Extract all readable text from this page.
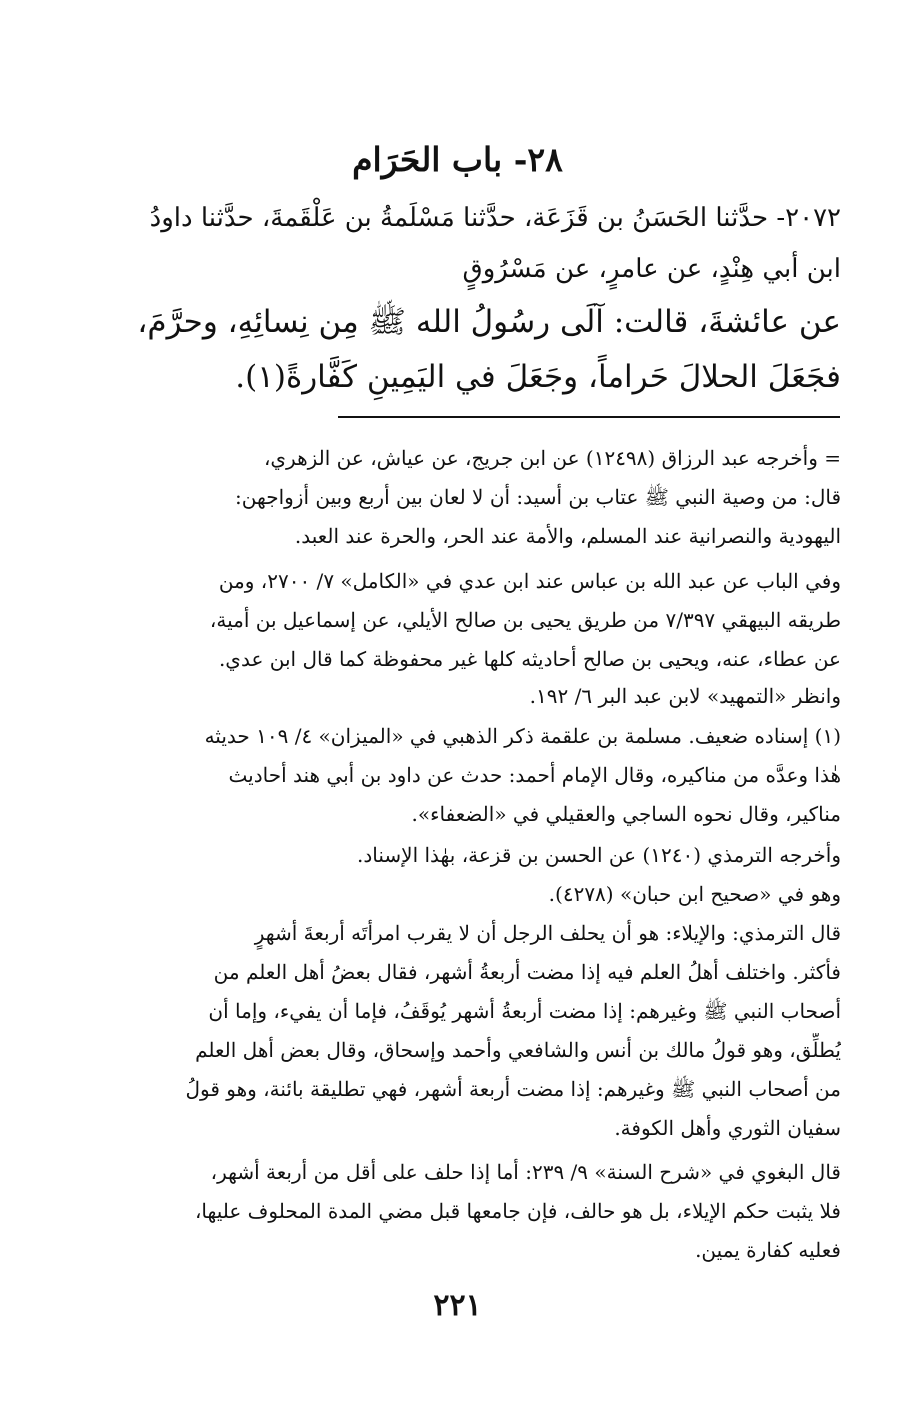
٢٨- باب الحَرَام
٢٠٧٢- حدَّثنا الحَسَنُ بن قَزَعَة، حدَّثنا مَسْلَمةُ بن عَلْقَمةَ، حدَّثنا داودُ
ابن أبي هِنْدٍ، عن عامرٍ، عن مَسْرُوقٍ
عن عائشةَ، قالت: آلَى رسُولُ الله ﷺ مِن نِسائِهِ، وحرَّمَ،
فجَعَلَ الحلالَ حَراماً، وجَعَلَ في اليَمِينِ كَفَّارةً(١).
= وأخرجه عبد الرزاق (١٢٤٩٨) عن ابن جريج، عن عياش، عن الزهري،
قال: من وصية النبي ﷺ عتاب بن أسيد: أن لا لعان بين أربع وبين أزواجهن:
اليهودية والنصرانية عند المسلم، والأمة عند الحر، والحرة عند العبد.
وفي الباب عن عبد الله بن عباس عند ابن عدي في «الكامل» ٧/ ٢٧٠٠، ومن
طريقه البيهقي ٧/٣٩٧ من طريق يحيى بن صالح الأيلي، عن إسماعيل بن أمية،
عن عطاء، عنه، ويحيى بن صالح أحاديثه كلها غير محفوظة كما قال ابن عدي.
وانظر «التمهيد» لابن عبد البر ٦/ ١٩٢.
(١) إسناده ضعيف. مسلمة بن علقمة ذكر الذهبي في «الميزان» ٤/ ١٠٩ حديثه
هٰذا وعدَّه من مناكيره، وقال الإمام أحمد: حدث عن داود بن أبي هند أحاديث
مناكير، وقال نحوه الساجي والعقيلي في «الضعفاء».
وأخرجه الترمذي (١٢٤٠) عن الحسن بن قزعة، بهٰذا الإسناد.
وهو في «صحيح ابن حبان» (٤٢٧٨).
قال الترمذي: والإيلاء: هو أن يحلف الرجل أن لا يقرب امرأتَه أربعةَ أشهرٍ
فأكثر. واختلف أهلُ العلم فيه إذا مضت أربعةُ أشهر، فقال بعضُ أهل العلم من
أصحاب النبي ﷺ وغيرهم: إذا مضت أربعةُ أشهر يُوقَفُ، فإما أن يفيء، وإما أن
يُطلِّق، وهو قولُ مالك بن أنس والشافعي وأحمد وإسحاق، وقال بعض أهل العلم
من أصحاب النبي ﷺ وغيرهم: إذا مضت أربعة أشهر، فهي تطليقة بائنة، وهو قولُ
سفيان الثوري وأهل الكوفة.
قال البغوي في «شرح السنة» ٩/ ٢٣٩: أما إذا حلف على أقل من أربعة أشهر،
فلا يثبت حكم الإيلاء، بل هو حالف، فإن جامعها قبل مضي المدة المحلوف عليها،
فعليه كفارة يمين.
٢٢١
